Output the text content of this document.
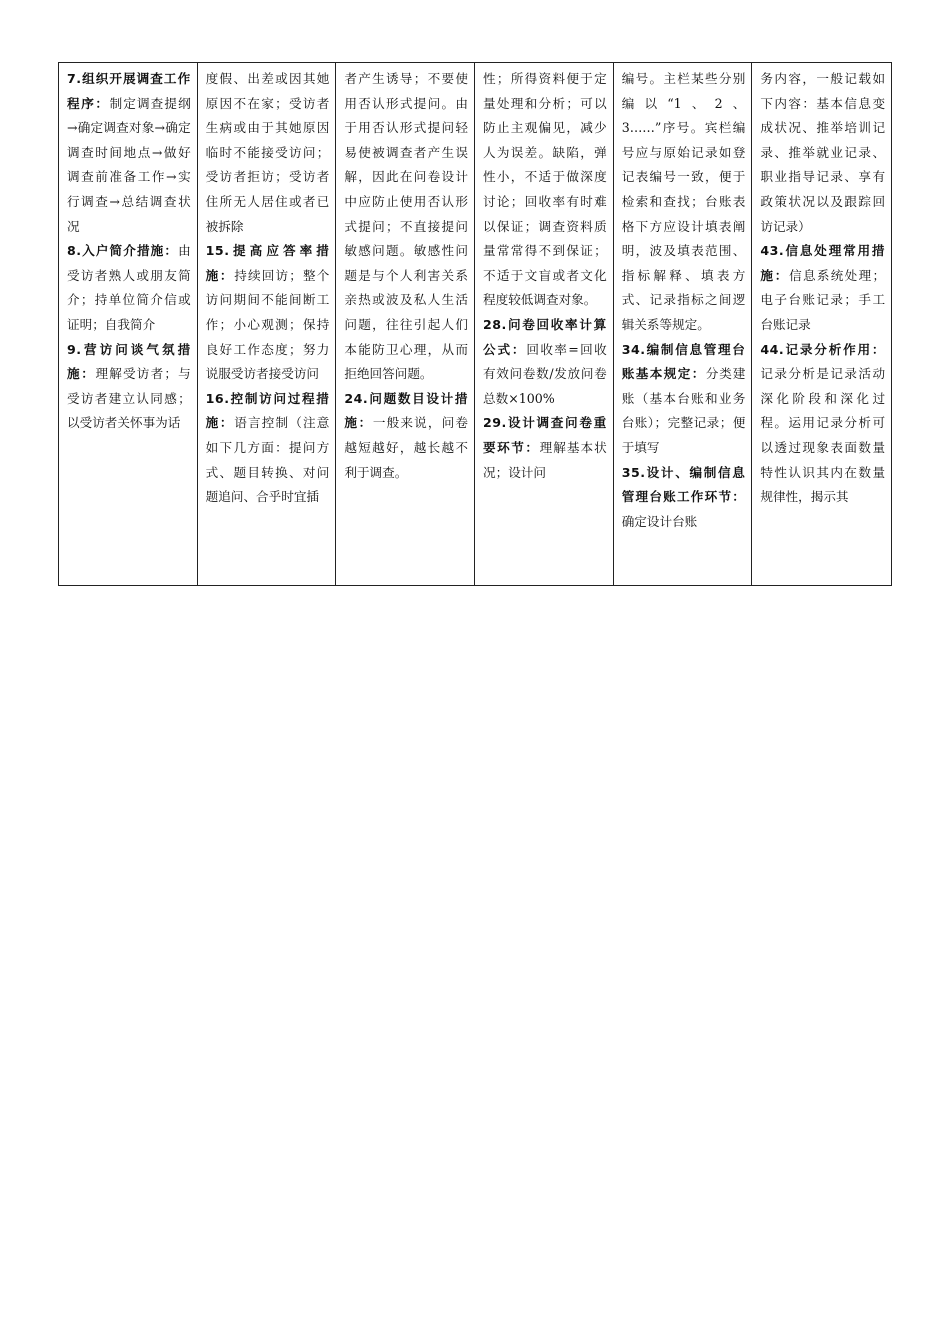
7.组织开展调查工作程序：制定调查提纲→确定调查对象→确定调查时间地点→做好调查前准备工作→实行调查→总结调查状况
8.入户简介措施：由受访者熟人或朋友简介；持单位简介信或证明；自我简介
9.营访问谈气氛措施：理解受访者；与受访者建立认同感；以受访者关怀事为话
度假、出差或因其她原因不在家；受访者生病或由于其她原因临时不能接受访问；受访者拒访；受访者住所无人居住或者已被拆除
15.提高应答率措施：持续回访；整个访问期间不能间断工作；小心观测；保持良好工作态度；努力说服受访者接受访问
16.控制访问过程措施：语言控制（注意如下几方面：提问方式、题目转换、对问题追问、合乎时宜插
者产生诱导；不要使用否认形式提问。由于用否认形式提问轻易使被调查者产生误解，因此在问卷设计中应防止使用否认形式提问；不直接提问敏感问题。敏感性问题是与个人利害关系亲热或波及私人生活问题，往往引起人们本能防卫心理，从而拒绝回答问题。
24.问题数目设计措施：一般来说，问卷越短越好，越长越不利于调查。
性；所得资料便于定量处理和分析；可以防止主观偏见，减少人为误差。缺陷，弹性小，不适于做深度讨论；回收率有时难以保证；调查资料质量常常得不到保证；不适于文盲或者文化程度较低调查对象。
28.问卷回收率计算公式：回收率=回收有效问卷数/发放问卷总数×100%
29.设计调查问卷重要环节：理解基本状况；设计问
编号。主栏某些分别编以“1、2、3……”序号。宾栏编号应与原始记录如登记表编号一致，便于检索和查找；台账表格下方应设计填表阐明，波及填表范围、指标解释、填表方式、记录指标之间逻辑关系等规定。
34.编制信息管理台账基本规定：分类建账（基本台账和业务台账）；完整记录；便于填写
35.设计、编制信息管理台账工作环节：确定设计台账
务内容，一般记载如下内容：基本信息变成状况、推举培训记录、推举就业记录、职业指导记录、享有政策状况以及跟踪回访记录）
43.信息处理常用措施：信息系统处理；电子台账记录；手工台账记录
44.记录分析作用：记录分析是记录活动深化阶段和深化过程。运用记录分析可以透过现象表面数量特性认识其内在数量规律性，揭示其
